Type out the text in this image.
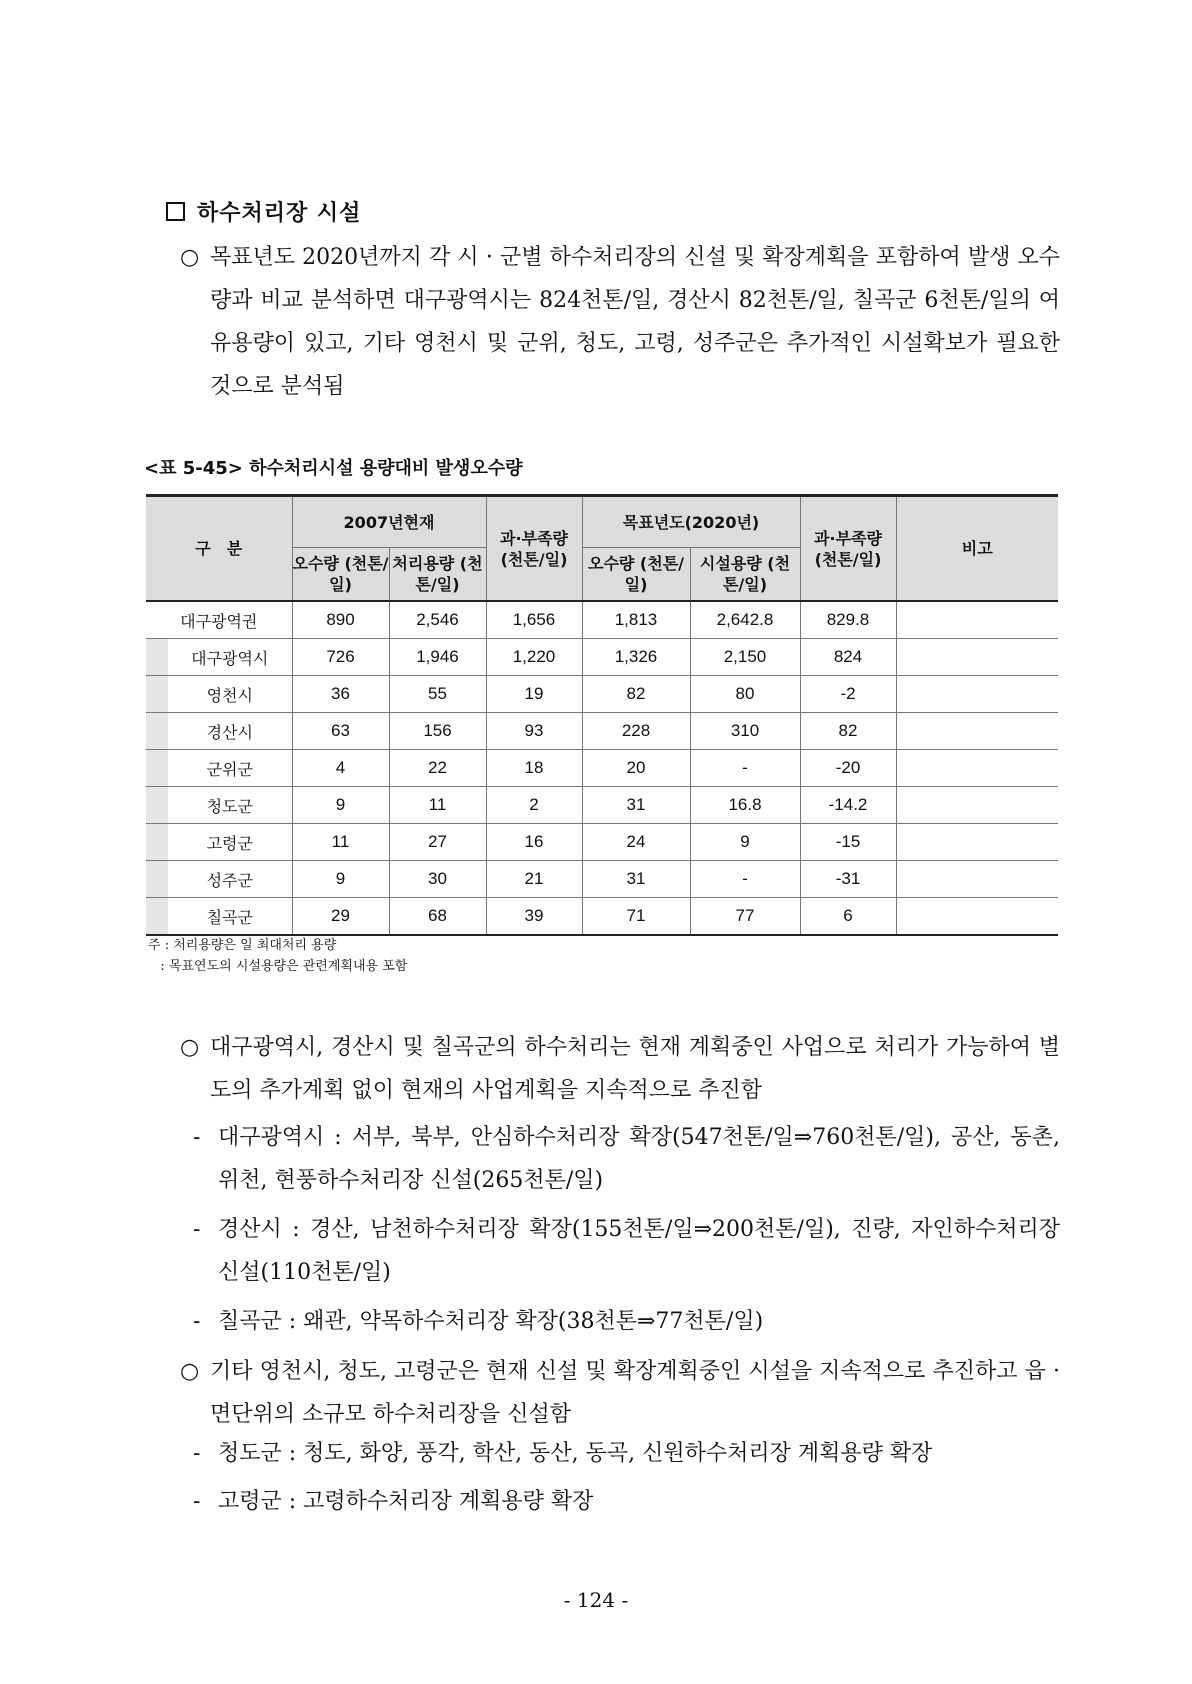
하수처리장 시설
○ 목표년도 2020년까지 각 시 · 군별 하수처리장의 신설 및 확장계획을 포함하여 발생 오수량과 비교 분석하면 대구광역시는 824천톤/일, 경산시 82천톤/일, 칠곡군 6천톤/일의 여유용량이 있고, 기타 영천시 및 군위, 청도, 고령, 성주군은 추가적인 시설확보가 필요한 것으로 분석됨
<표 5-45> 하수처리시설 용량대비 발생오수량
구　분	2007년현재		과·부족량 (천톤/일)	목표년도(2020년)		과·부족량 (천톤/일)	비고
	오수량 (천톤/일)	처리용량 (천톤/일)		오수량 (천톤/일)	시설용량 (천톤/일)		
대구광역권	890	2,546	1,656	1,813	2,642.8	829.8	
대구광역시	726	1,946	1,220	1,326	2,150	824	
영천시	36	55	19	82	80	-2	
경산시	63	156	93	228	310	82	
군위군	4	22	18	20	-	-20	
청도군	9	11	2	31	16.8	-14.2	
고령군	11	27	16	24	9	-15	
성주군	9	30	21	31	-	-31	
칠곡군	29	68	39	71	77	6	
주 : 처리용량은 일 최대처리 용량
: 목표연도의 시설용량은 관련계획내용 포함
○ 대구광역시, 경산시 및 칠곡군의 하수처리는 현재 계획중인 사업으로 처리가 가능하여 별도의 추가계획 없이 현재의 사업계획을 지속적으로 추진함
- 대구광역시 : 서부, 북부, 안심하수처리장 확장(547천톤/일⇒760천톤/일), 공산, 동촌, 위천, 현풍하수처리장 신설(265천톤/일)
- 경산시 : 경산, 남천하수처리장 확장(155천톤/일⇒200천톤/일), 진량, 자인하수처리장 신설(110천톤/일)
- 칠곡군 : 왜관, 약목하수처리장 확장(38천톤⇒77천톤/일)
○ 기타 영천시, 청도, 고령군은 현재 신설 및 확장계획중인 시설을 지속적으로 추진하고 읍 · 면단위의 소규모 하수처리장을 신설함
- 청도군 : 청도, 화양, 풍각, 학산, 동산, 동곡, 신원하수처리장 계획용량 확장
- 고령군 : 고령하수처리장 계획용량 확장
- 124 -
